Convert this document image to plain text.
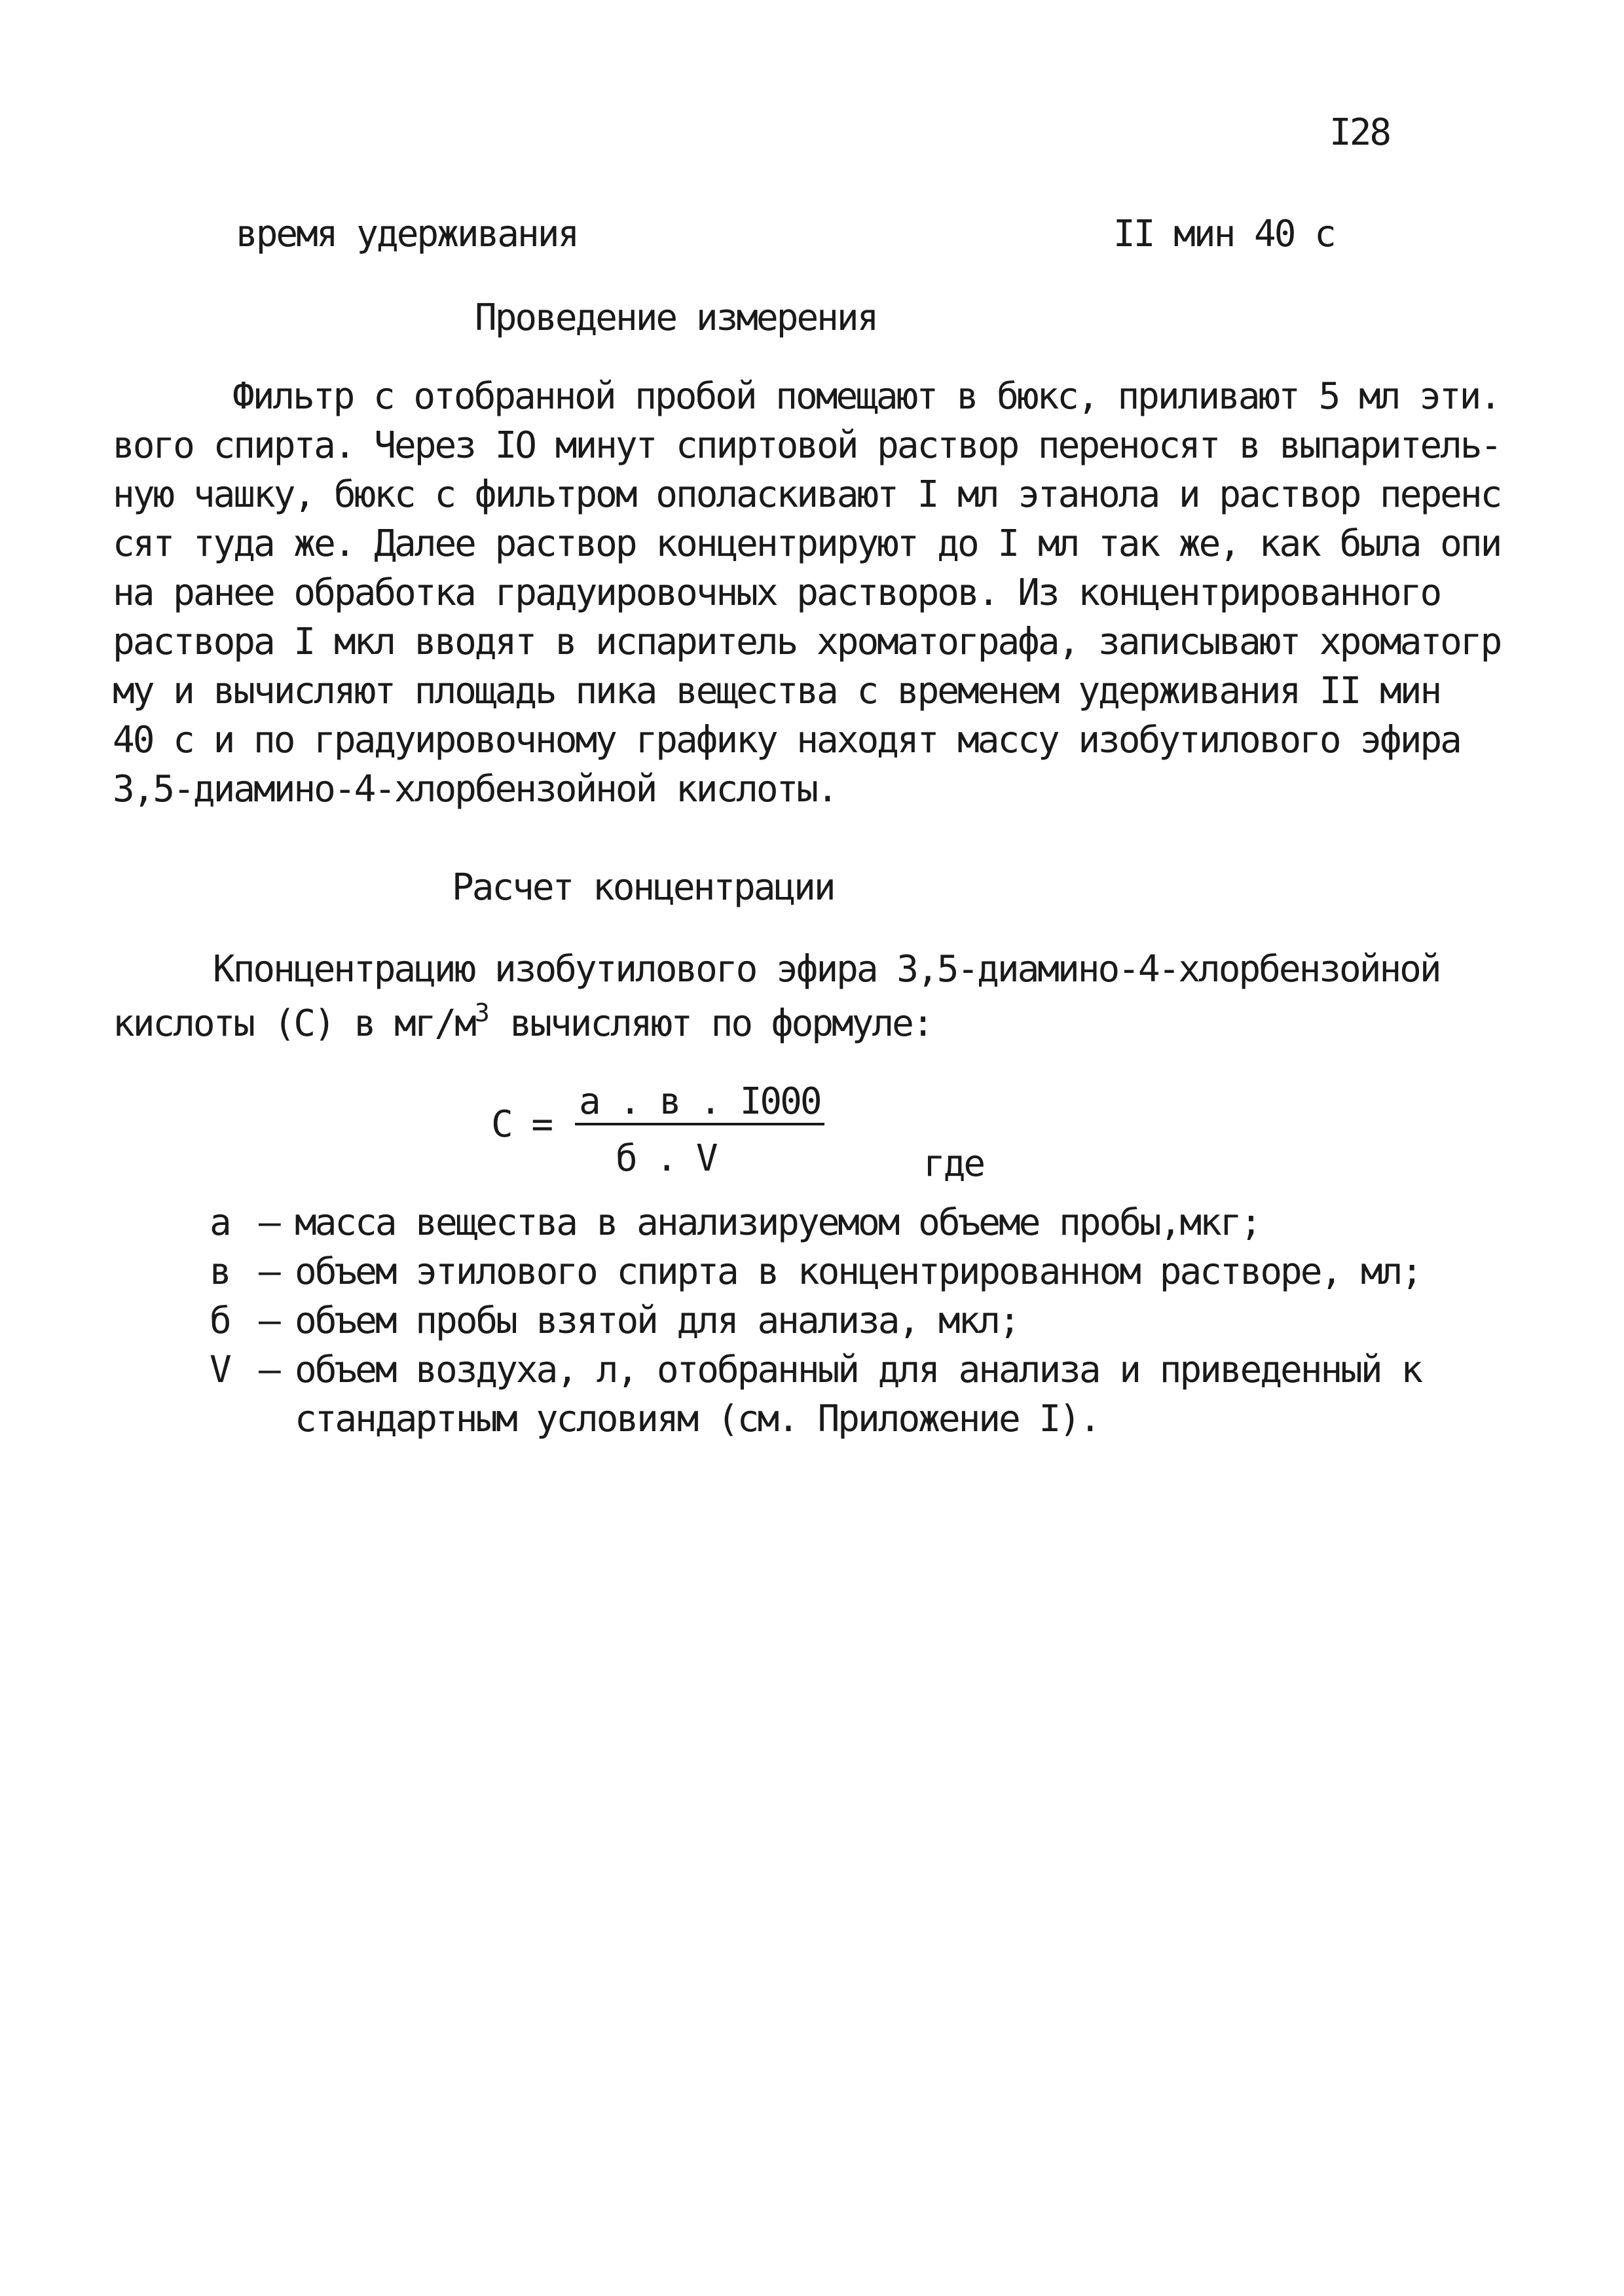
I28
время удерживания	II мин 40 с
Проведение измерения
Фильтр с отобранной пробой помещают в бюкс, приливают 5 мл эти.
вого спирта. Через IO минут спиртовой раствор переносят в выпаритель-
ную чашку, бюкс с фильтром ополаскивают I мл этанола и раствор перенс
сят туда же. Далее раствор концентрируют до I мл так же, как была опи
на ранее обработка градуировочных растворов. Из концентрированного
раствора I мкл вводят в испаритель хроматографа, записывают хроматогр
му и вычисляют площадь пика вещества с временем удерживания II мин
40 с и по градуировочному графику находят массу изобутилового эфира
3,5-диамино-4-хлорбензойной кислоты.
Расчет концентрации
Кпонцентрацию изобутилового эфира 3,5-диамино-4-хлорбензойной
кислоты (С) в $мг/м^3$ вычисляют по формуле:
С =
а . в . I000
б . V	где
а – масса вещества в анализируемом объеме пробы,мкг;
в – объем этилового спирта в концентрированном растворе, мл;
б – объем пробы взятой для анализа, мкл;
V – объем воздуха, л, отобранный для анализа и приведенный к
стандартным условиям (см. Приложение I).
